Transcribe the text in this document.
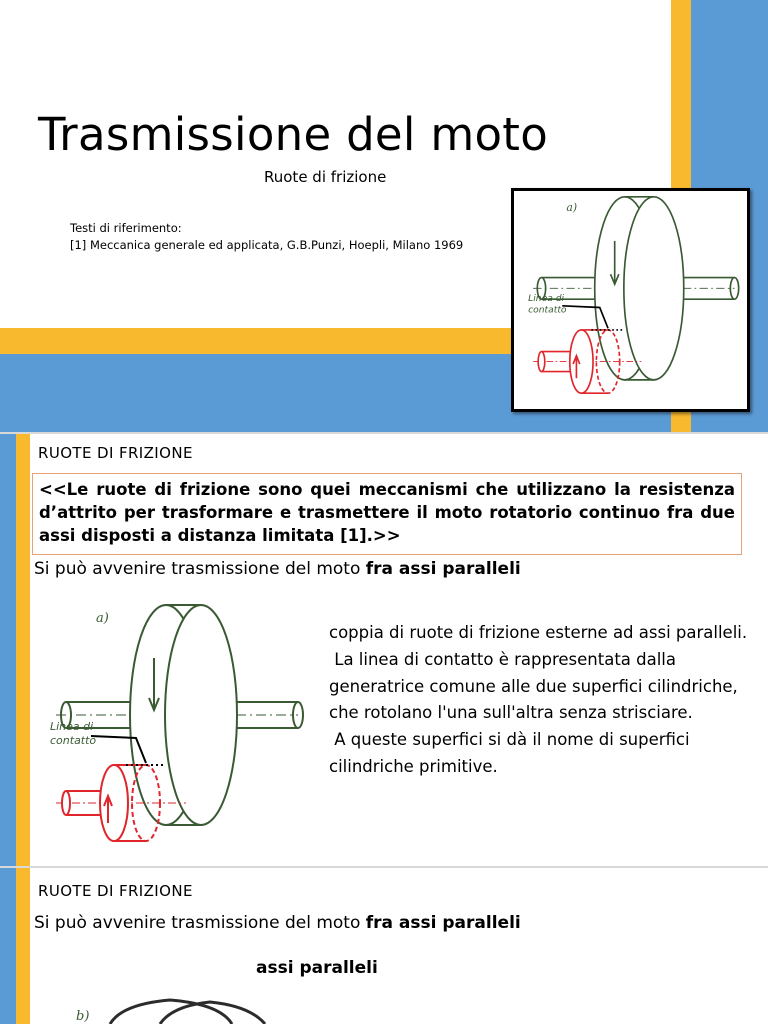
Trasmissione del moto
Ruote di frizione
Testi di riferimento:
[1] Meccanica generale ed applicata, G.B.Punzi, Hoepli, Milano 1969
a)
Linea di
contatto
RUOTE DI FRIZIONE
<<Le ruote di frizione sono quei meccanismi che utilizzano la resistenza d’attrito per trasformare e trasmettere il moto rotatorio continuo fra due assi disposti a distanza limitata [1].>>
Si può avvenire trasmissione del moto fra assi paralleli
a)
Linea di
contatto

coppia di ruote di frizione esterne ad assi paralleli.

La linea di contatto è rappresentata dalla generatrice comune alle due superfici cilindriche, che rotolano l'una sull'altra senza strisciare.

A queste superfici si dà il nome di superfici cilindriche primitive.

RUOTE DI FRIZIONE
Si può avvenire trasmissione del moto fra assi paralleli
assi paralleli
b)
